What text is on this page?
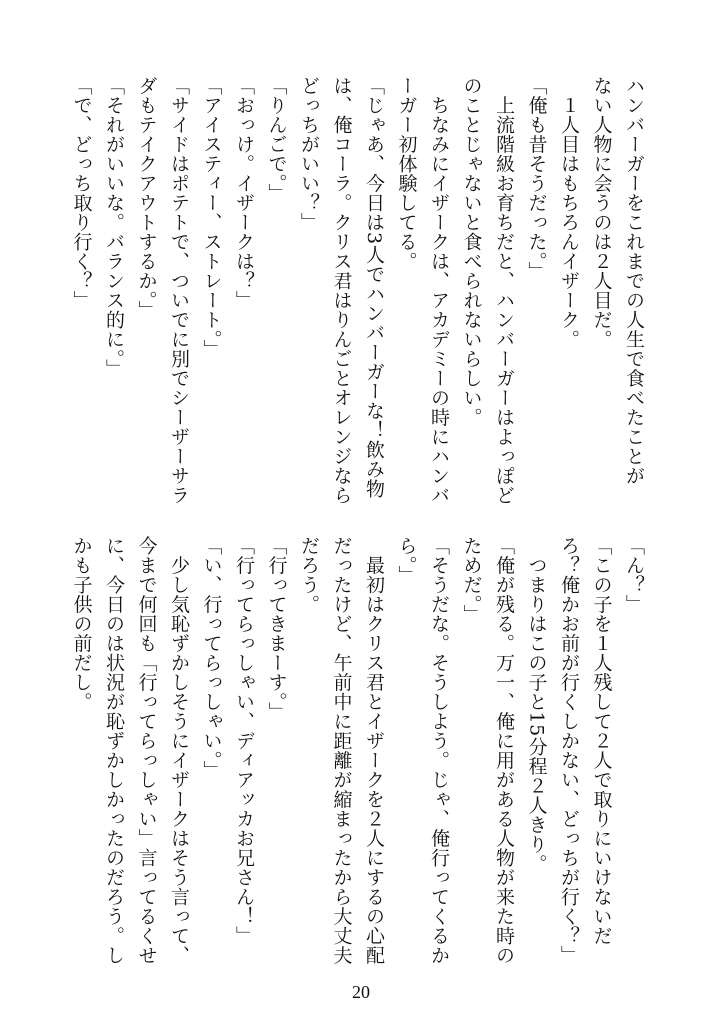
ハンバーガーをこれまでの人生で食べたことが
ない人物に会うのは２人目だ。
　１人目はもちろんイザーク。
「俺も昔そうだった。」
　上流階級お育ちだと、ハンバーガーはよっぽど
のことじゃないと食べられないらしい。
　ちなみにイザークは、アカデミーの時にハンバ
ーガー初体験してる。
「じゃあ、今日は3人でハンバーガーな！飲み物
は、俺コーラ。クリス君はりんごとオレンジなら
どっちがいい？」
「りんごで。」
「おっけ。イザークは？」
「アイスティー、ストレート。」
「サイドはポテトで、ついでに別でシーザーサラ
ダもテイクアウトするか。」
「それがいいな。バランス的に。」
「で、どっち取り行く？」
「ん？」
「この子を１人残して２人で取りにいけないだ
ろ？俺かお前が行くしかない、どっちが行く？」
　つまりはこの子と15分程２人きり。
「俺が残る。万一、俺に用がある人物が来た時の
ためだ。」
「そうだな。そうしよう。じゃ、俺行ってくるか
ら。」
　最初はクリス君とイザークを２人にするの心配
だったけど、午前中に距離が縮まったから大丈夫
だろう。
「行ってきまーす。」
「行ってらっしゃい、ディアッカお兄さん！」
「い、行ってらっしゃい。」
　少し気恥ずかしそうにイザークはそう言って、
今まで何回も「行ってらっしゃい」言ってるくせ
に、今日のは状況が恥ずかしかったのだろう。し
かも子供の前だし。
20
